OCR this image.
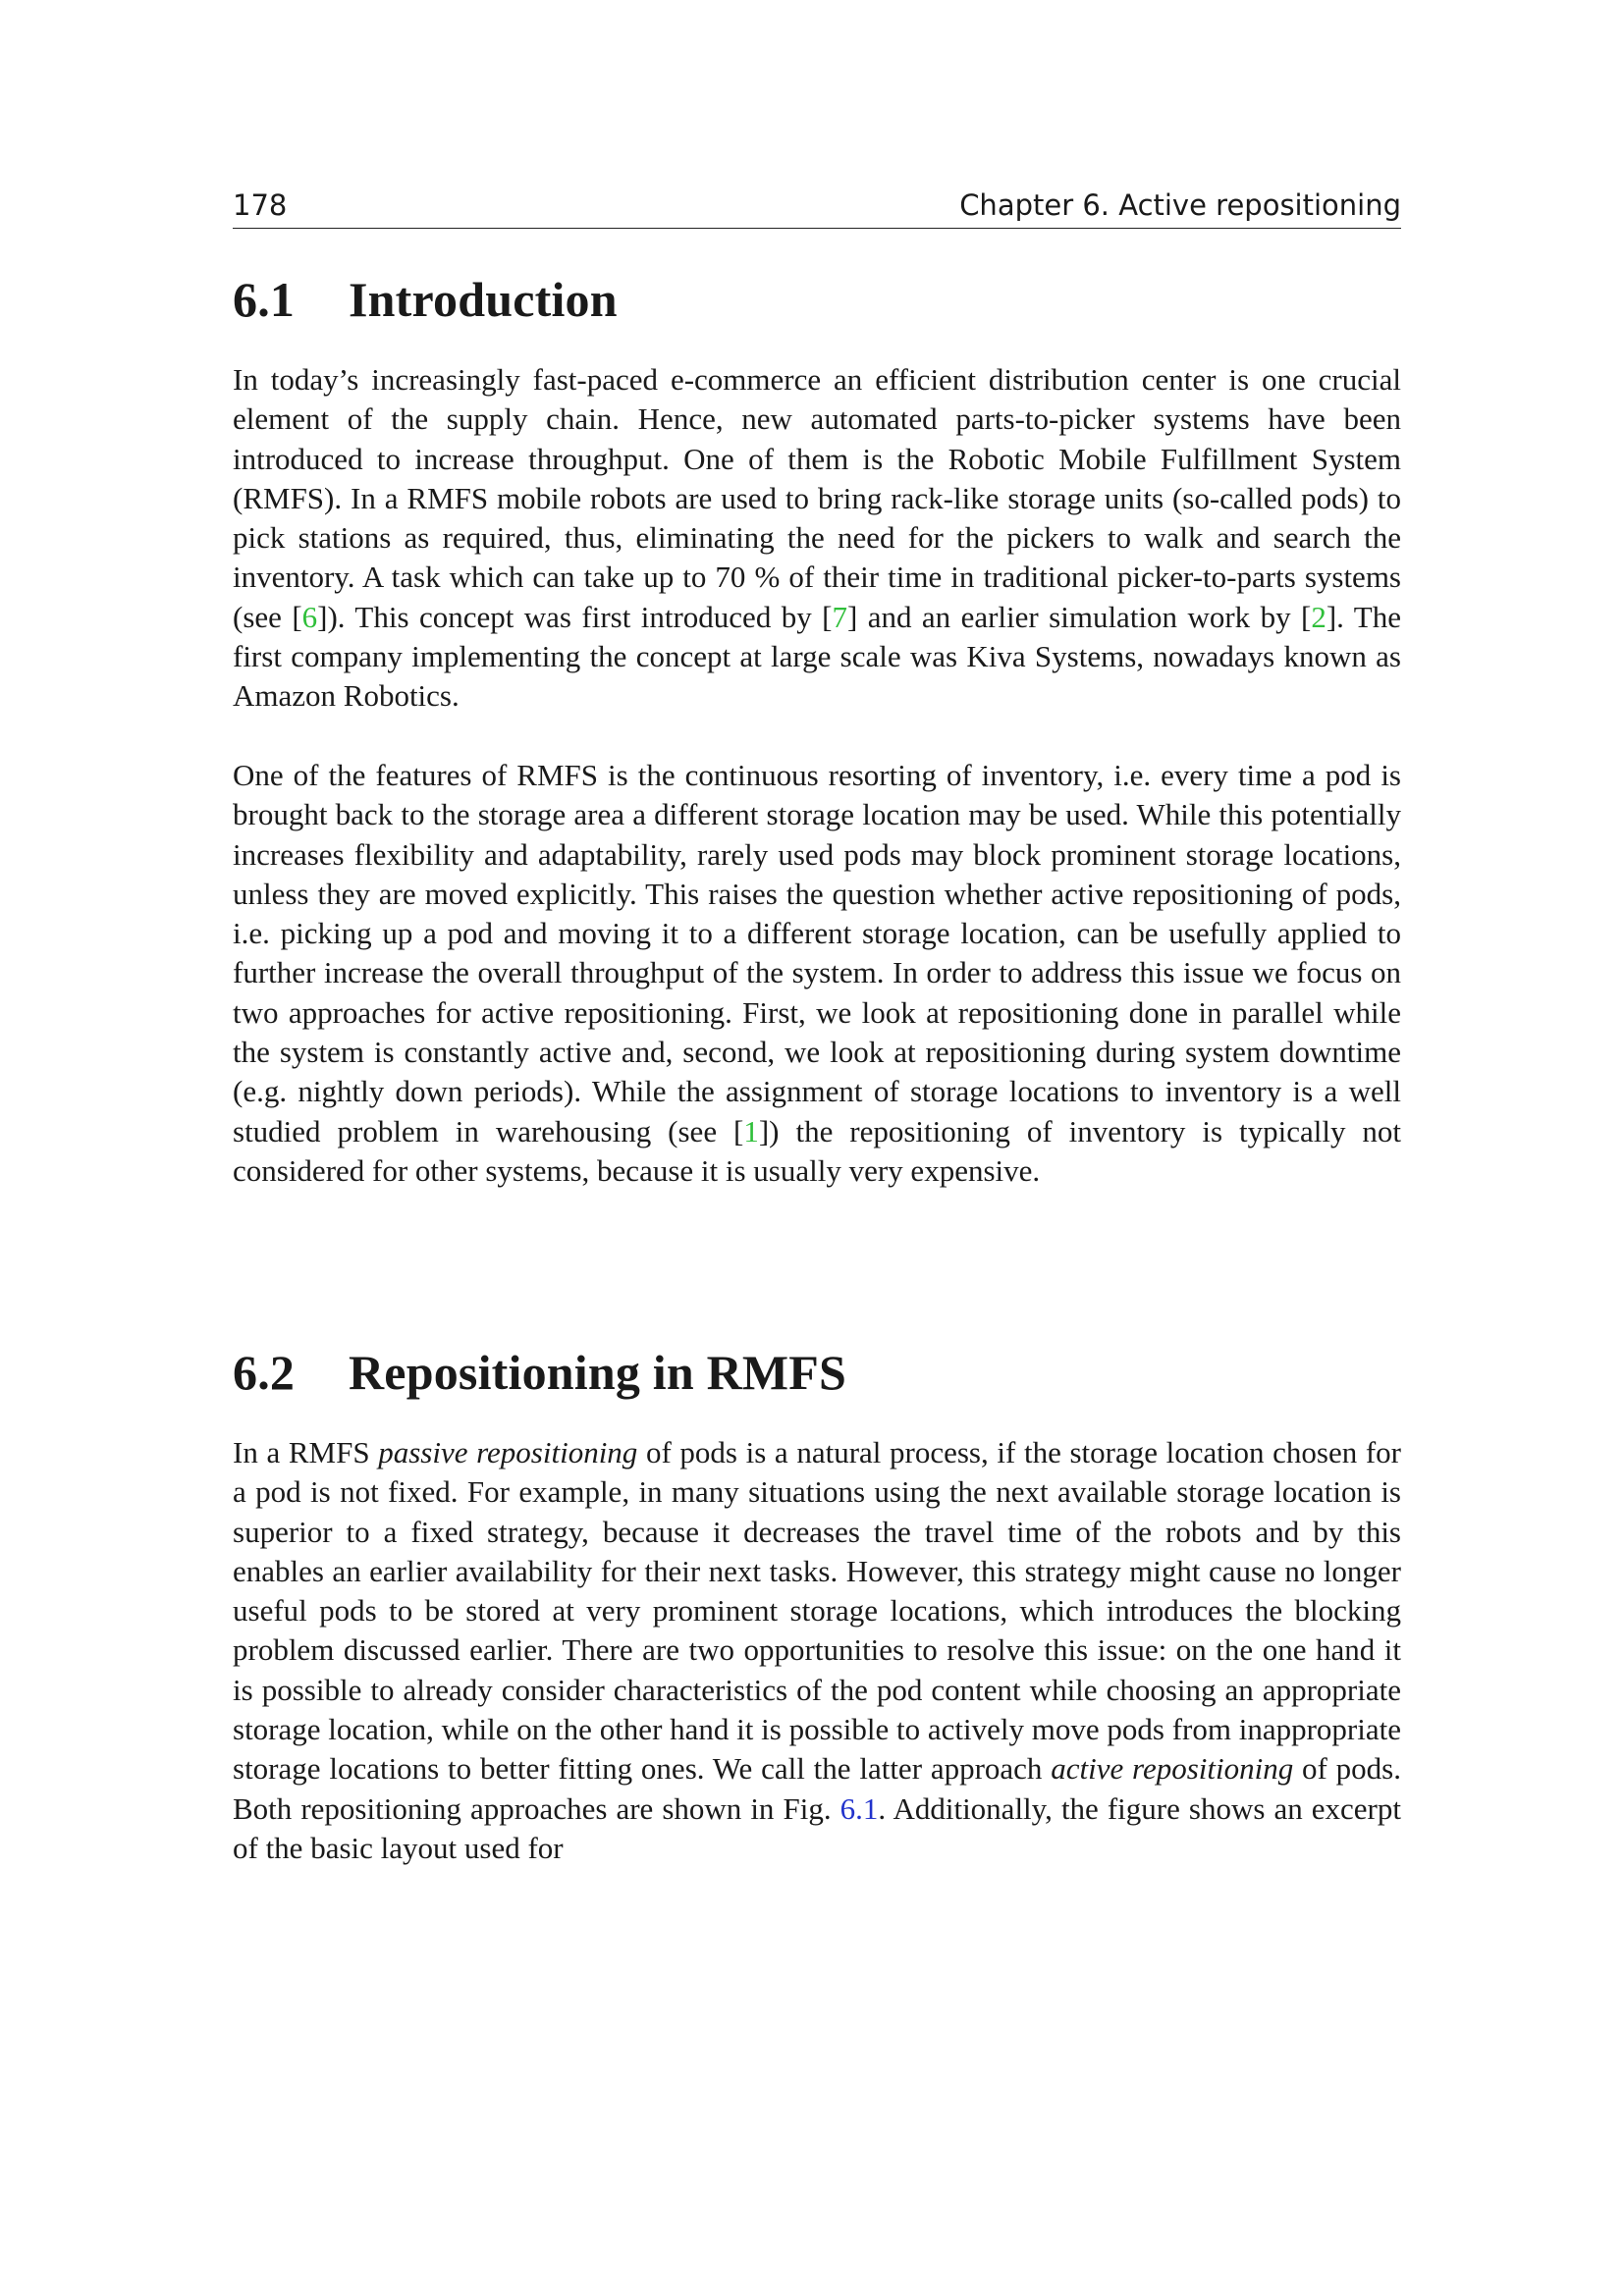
178	Chapter 6. Active repositioning
6.1 Introduction

In today’s increasingly fast-paced e-commerce an efficient distribution center is one crucial element of the supply chain. Hence, new automated parts-to-picker systems have been introduced to increase throughput. One of them is the Robotic Mobile Fulfillment System (RMFS). In a RMFS mobile robots are used to bring rack-like storage units (so-called pods) to pick stations as required, thus, eliminating the need for the pickers to walk and search the inventory. A task which can take up to 70 % of their time in traditional picker-to-parts systems (see [6]). This concept was first introduced by [7] and an earlier simulation work by [2]. The first company implementing the concept at large scale was Kiva Systems, nowadays known as Amazon Robotics.

One of the features of RMFS is the continuous resorting of inventory, i.e. every time a pod is brought back to the storage area a different storage location may be used. While this potentially increases flexibility and adaptability, rarely used pods may block prominent storage locations, unless they are moved explicitly. This raises the question whether active repositioning of pods, i.e. picking up a pod and moving it to a different storage location, can be usefully applied to further increase the overall throughput of the system. In order to address this issue we focus on two approaches for active repositioning. First, we look at repositioning done in parallel while the system is constantly active and, second, we look at repositioning during system downtime (e.g. nightly down periods). While the assignment of storage locations to inventory is a well studied problem in warehousing (see [1]) the repositioning of inventory is typically not considered for other systems, because it is usually very expensive.

6.2 Repositioning in RMFS

In a RMFS passive repositioning of pods is a natural process, if the storage location chosen for a pod is not fixed. For example, in many situations using the next available storage location is superior to a fixed strategy, because it decreases the travel time of the robots and by this enables an earlier availability for their next tasks. However, this strategy might cause no longer useful pods to be stored at very prominent storage locations, which introduces the blocking problem discussed earlier. There are two opportunities to resolve this issue: on the one hand it is possible to already consider characteristics of the pod content while choosing an appropriate storage location, while on the other hand it is possible to actively move pods from inappropriate storage locations to better fitting ones. We call the latter approach active repositioning of pods. Both repositioning approaches are shown in Fig. 6.1. Additionally, the figure shows an excerpt of the basic layout used for
